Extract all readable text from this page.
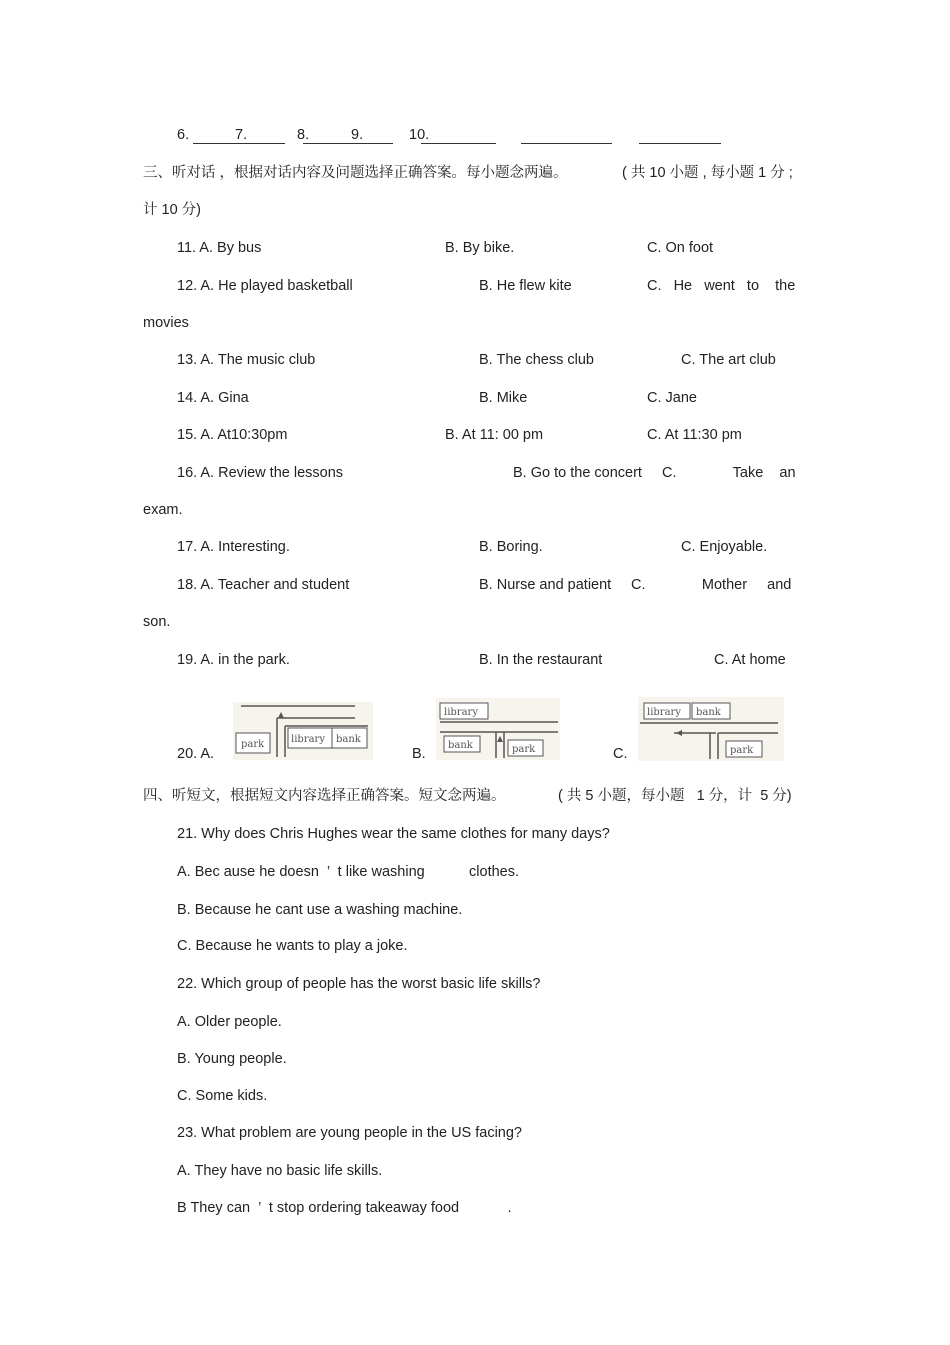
6.	7.	8.	9.	10.
三、听对话 ，根据对话内容及问题选择正确答案。每小题念两遍。	( 共 10 小题 , 每小题 1 分 ;
计 10 分)
11. A. By bus	B. By bike.	C. On foot
12. A. He played basketball	B. He flew kite	C.   He   went   to    the
movies
13. A. The music club	B. The chess club	C. The art club
14. A. Gina	B. Mike	C. Jane
15. A. At10:30pm	B. At 11: 00 pm	C. At 11:30 pm
16. A. Review the lessons	B. Go to the concert C.              Take    an
exam.
17. A. Interesting.	B. Boring.	C. Enjoyable.
18. A. Teacher and student	B. Nurse and patient C.              Mother     and
son.
19. A. in the park.	B. In the restaurant	C. At home
20. A.	B.	C.
park	library bank
library
bank	park
library bank
park
四、听短文，根据短文内容选择正确答案。短文念两遍。	( 共 5 小题，每小题   1 分，计  5 分)
21. Why does Chris Hughes wear the same clothes for many days?
A. Bec ause he doesn  ’  t like washing           clothes.
B. Because he cant use a washing machine.
C. Because he wants to play a joke.
22. Which group of people has the worst basic life skills?
A. Older people.
B. Young people.
C. Some kids.
23. What problem are young people in the US facing?
A. They have no basic life skills.
B They can  ’  t stop ordering takeaway food            .
